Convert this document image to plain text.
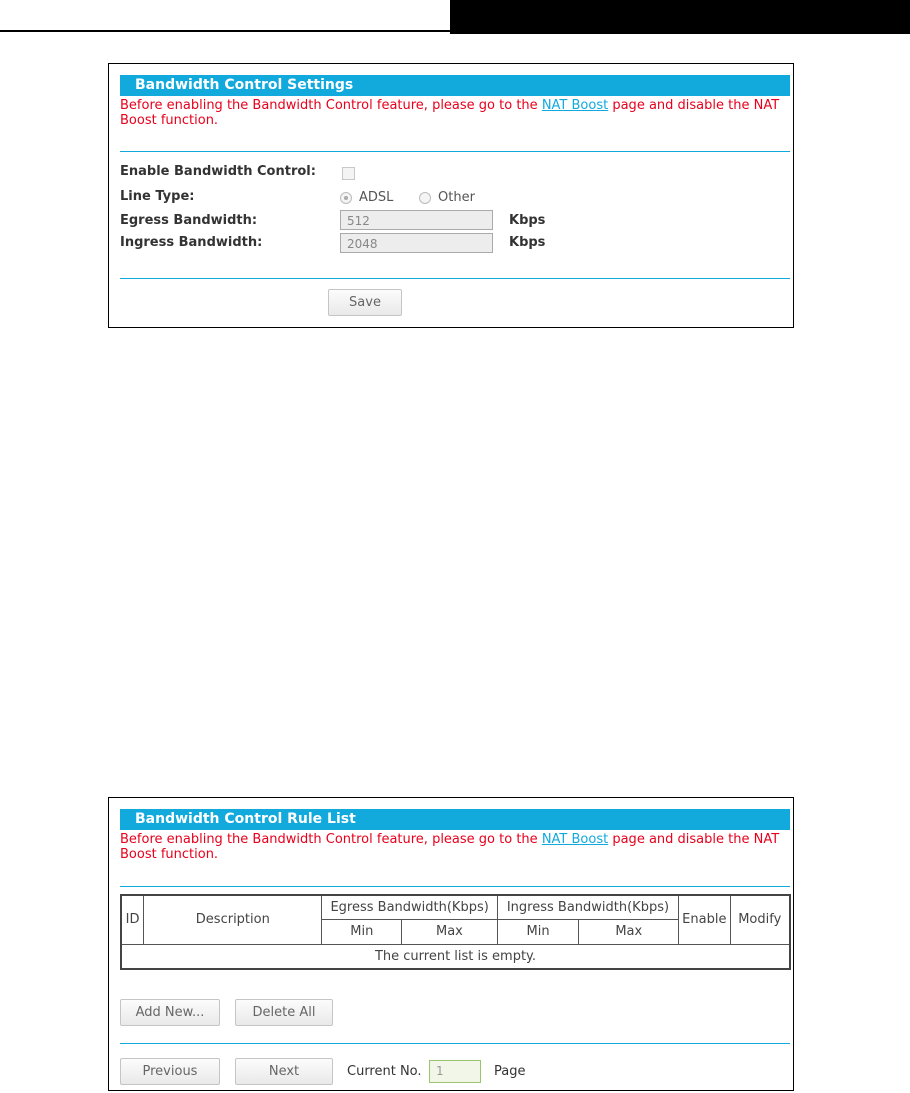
Bandwidth Control Settings
Before enabling the Bandwidth Control feature, please go to the NAT Boost page and disable the NAT Boost function.
Enable Bandwidth Control:
Line Type:	ADSL	Other
Egress Bandwidth:	512	Kbps
Ingress Bandwidth:	2048	Kbps
Save
Bandwidth Control Rule List
Before enabling the Bandwidth Control feature, please go to the NAT Boost page and disable the NAT Boost function.
ID	Description	Egress Bandwidth(Kbps)		Ingress Bandwidth(Kbps)		Enable	Modify
		Min	Max	Min	Max		
The current list is empty.							
Add New...	Delete All
Previous	Next	Current No.	1	Page
